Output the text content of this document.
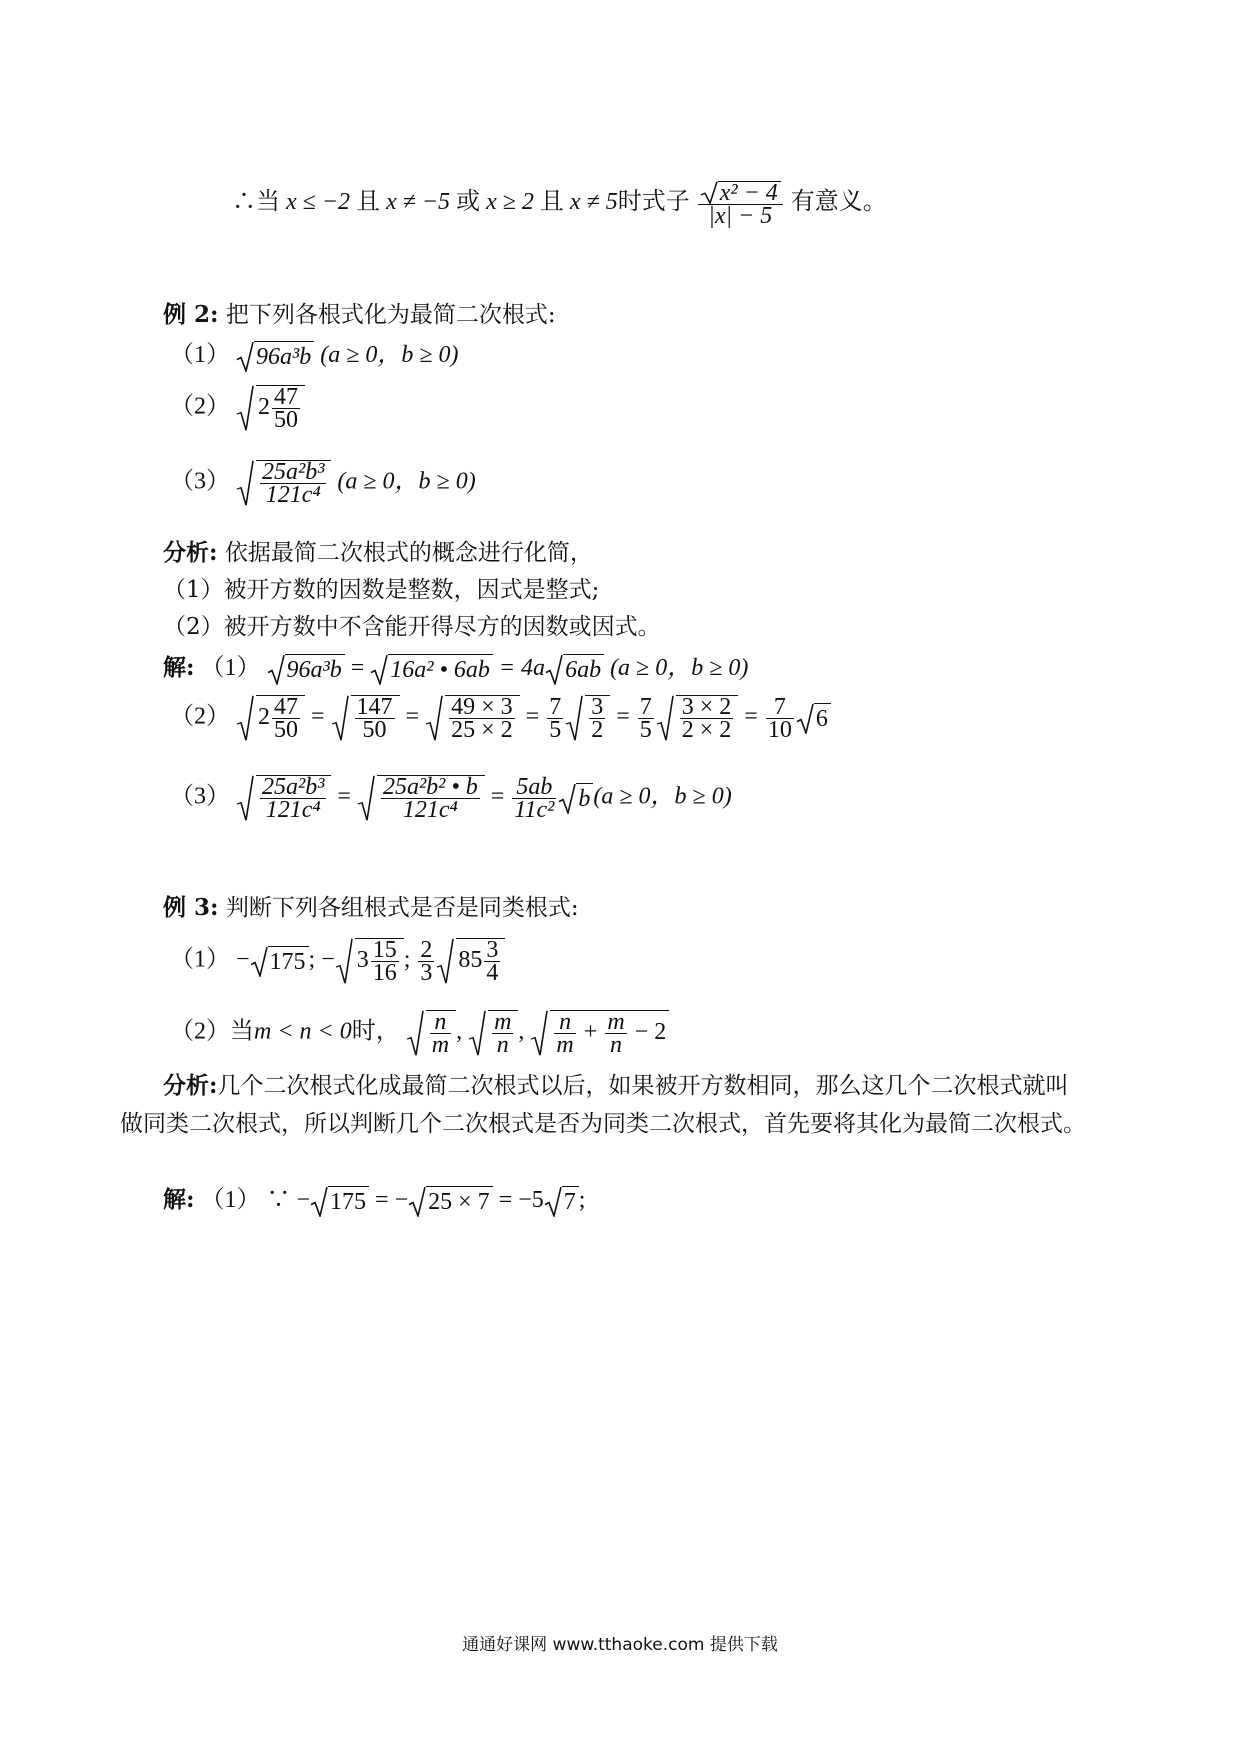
∴当 x ≤ −2 且 x ≠ −5 或 x ≥ 2 且 x ≠ 5时式子 $\frac{\text{x² − 4}}{|x| - 5}$ 有意义。
例 2: 把下列各根式化为最简二次根式:
（1） 96a³b (a ≥ 0，b ≥ 0)
（2） $2 \frac{47}{50}$
$(3) \frac{\text{25a²b³}}{\text{121c⁴}} (a \ge 0$，b ≥ 0)
分析: 依据最简二次根式的概念进行化简，
（1）被开方数的因数是整数，因式是整式;
（2）被开方数中不含能开得尽方的因数或因式。
解: （1） 96a³b =
16a² • 6ab = 4a 6ab (a ≥ 0，b ≥ 0)
（2） $2 \frac{47}{50} = \frac{147}{50} = \frac{49 \times 3}{25 \times 2} = \frac{7}{5} \frac{3}{2} = \frac{7}{5} \frac{3 \times 2}{2 \times 2} = \frac{7}{10} 6$
$(3) \frac{\text{25a²b³}}{\text{121c⁴}} = \frac{\text{25a²b² • b}}{\text{121c⁴}} = \frac{5ab}{\text{11c²}}$ b (a ≥ 0，b ≥ 0)
例 3: 判断下列各组根式是否是同类根式:
（1） − 175 ; − $3 \frac{15}{16}$ ; $\frac{2}{3} 85 \frac{3}{4}$
（2）当m < n < 0时， $\frac{n}{m}$ , $\frac{m}{n}$ , $\frac{n}{m} + \frac{m}{n} - 2$
分析:几个二次根式化成最简二次根式以后，如果被开方数相同，那么这几个二次根式就叫做同类二次根式，所以判断几个二次根式是否为同类二次根式，首先要将其化为最简二次根式。
解: （1） ∵ − 175 = − 25 × 7 = −5 7 ;
通通好课网 www.tthaoke.com 提供下载
